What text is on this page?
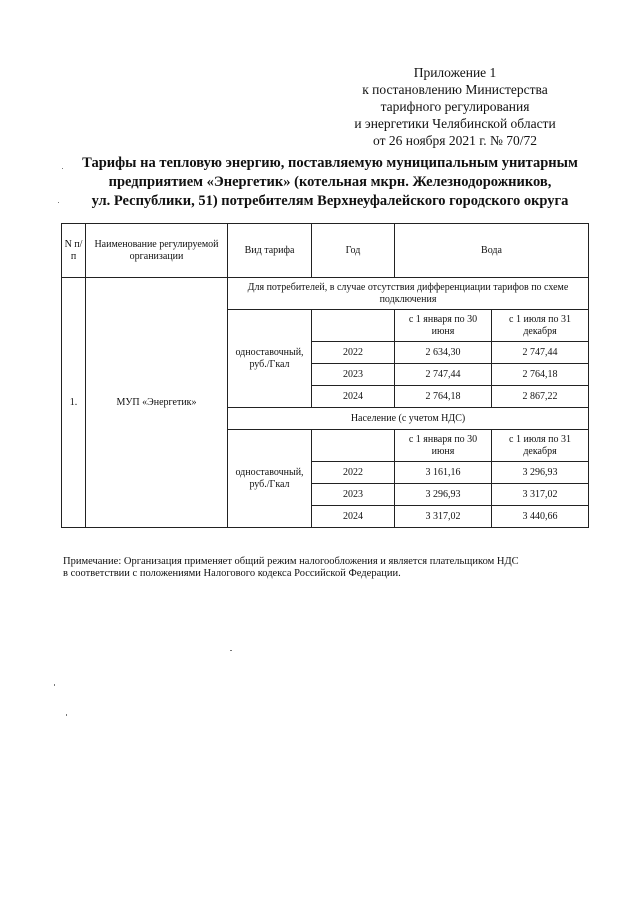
Приложение 1
к постановлению Министерства
тарифного регулирования
и энергетики Челябинской области
от 26 ноября 2021 г. № 70/72
Тарифы на тепловую энергию, поставляемую муниципальным унитарным
предприятием «Энергетик» (котельная мкрн. Железнодорожников,
ул. Республики, 51) потребителям Верхнеуфалейского городского округа
N п/п	Наименование регулируемой организации	Вид тарифа	Год	Вода	
1.	МУП «Энергетик»	Для потребителей, в случае отсутствия дифференциации тарифов по схеме подключения			
		одноставочный, руб./Гкал		с 1 января по 30 июня	с 1 июля по 31 декабря
			2022	2 634,30	2 747,44
			2023	2 747,44	2 764,18
			2024	2 764,18	2 867,22
		Население (с учетом НДС)			
		одноставочный, руб./Гкал		с 1 января по 30 июня	с 1 июля по 31 декабря
			2022	3 161,16	3 296,93
			2023	3 296,93	3 317,02
			2024	3 317,02	3 440,66
Примечание: Организация применяет общий режим налогообложения и является плательщиком НДС
в соответствии с положениями Налогового кодекса Российской Федерации.
